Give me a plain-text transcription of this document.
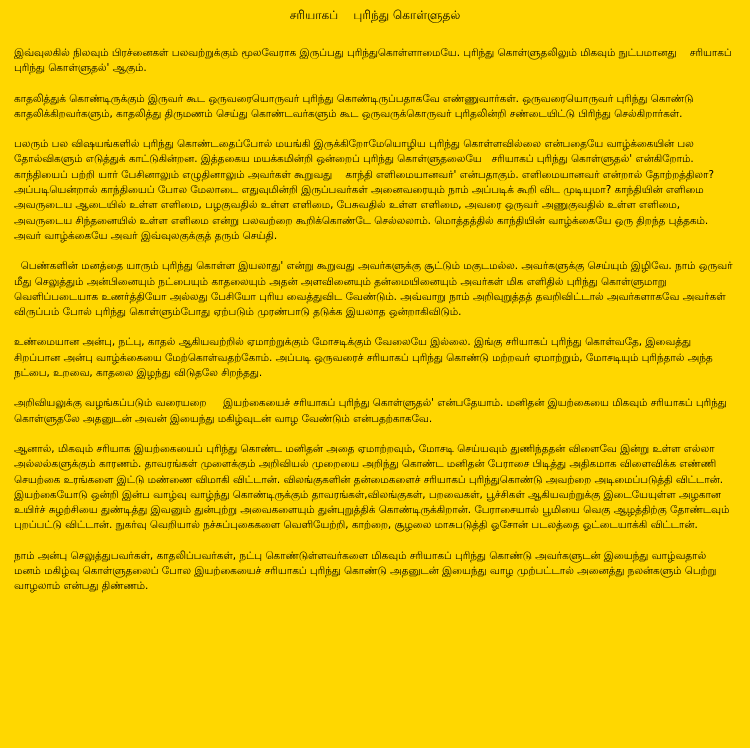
சரியாகப்    புரிந்து கொள்ளுதல்

இவ்வுலகில் நிலவும் பிரச்னைகள் பலவற்றுக்கும் மூலவேராக இருப்பது புரிந்துகொள்ளாமையே. புரிந்து கொள்ளுதலிலும் மிகவும் நுட்பமானது    சரியாகப் புரிந்து கொள்ளுதல்' ஆகும்.

காதலித்துக் கொண்டிருக்கும் இருவர் கூட ஒருவரையொருவர் புரிந்து கொண்டிருப்பதாகவே எண்ணுவார்கள். ஒருவரையொருவர் புரிந்து கொண்டு காதலிக்கிறவர்களும், காதலித்து திருமணம் செய்து கொண்டவர்களும் கூட ஒருவருக்கொருவர் புரிதலின்றி சண்டையிட்டு பிரிந்து செல்கிறார்கள்.

பலரும் பல விஷயங்களில் புரிந்து கொண்டதைப்போல் மயங்கி இருக்கிறோமேயொழிய புரிந்து கொள்ளவில்லை என்பதையே வாழ்க்கையின் பல தோல்விகளும் எடுத்துக் காட்டுகின்றன. இத்தகைய மயக்கமின்றி ஒன்றைப் புரிந்து கொள்ளுதலையே   சரியாகப் புரிந்து கொள்ளுதல்' என்கிறோம். காந்தியைப் பற்றி யார் பேசினாலும் எழுதினாலும் அவர்கள் கூறுவது    காந்தி எளிமையானவர்' என்பதாகும். எளிமையானவர் என்றால் தோற்றத்திலா? அப்படியென்றால் காந்தியைப் போல மேலாடை எதுவுமின்றி இருப்பவர்கள் அனைவரையும் நாம் அப்படிக் கூறி விட முடியுமா? காந்தியின் எளிமை அவருடைய ஆடையில் உள்ள எளிமை, பழகுவதில் உள்ள எளிமை, பேசுவதில் உள்ள எளிமை, அவரை ஒருவர் அணுகுவதில் உள்ள எளிமை, அவருடைய சிந்தனையில் உள்ள எளிமை என்று பலவற்றை கூறிக்கொண்டே செல்லலாம். மொத்தத்தில் காந்தியின் வாழ்க்கையே ஒரு திறந்த புத்தகம். அவர் வாழ்க்கையே அவர் இவ்வுலகுக்குத் தரும் செய்தி.

பெண்களின் மனத்தை யாரும் புரிந்து கொள்ள இயலாது' என்று கூறுவது அவர்களுக்கு சூட்டும் மகுடமல்ல. அவர்களுக்கு செய்யும் இழிவே. நாம் ஒருவர் மீது செலுத்தும் அன்பினையும் நட்பையும் காதலையும் அதன் அளவினையும் தன்மையினையும் அவர்கள் மிக எளிதில் புரிந்து கொள்ளுமாறு வெளிப்படையாக உணர்த்தியோ அல்லது பேசியோ புரிய வைத்துவிட வேண்டும். அவ்வாறு நாம் அறிவுறுத்தத் தவறிவிட்டால் அவர்களாகவே அவர்கள் விருப்பம் போல் புரிந்து கொள்ளும்போது ஏற்படும் முரண்பாடு தடுக்க இயலாத ஒன்றாகிவிடும்.

உண்மையான அன்பு, நட்பு, காதல் ஆகியவற்றில் ஏமாற்றுக்கும் மோசடிக்கும் வேலையே இல்லை. இங்கு சரியாகப் புரிந்து கொள்வதே, இவைத்து சிறப்பான அன்பு வாழ்க்கையை மேற்கொள்வதற்கோம். அப்படி ஒருவரைச் சரியாகப் புரிந்து கொண்டு மற்றவர் ஏமாற்றும், மோசடியும் புரிந்தால் அந்த நட்பை, உறவை, காதலை இழந்து விடுதலே சிறந்தது.

அறிவியலுக்கு வழங்கப்படும் வரையறை     இயற்கையைச் சரியாகப் புரிந்து கொள்ளுதல்' என்பதேயாம். மனிதன் இயற்கையை மிகவும் சரியாகப் புரிந்து கொள்ளுதலே அதனுடன் அவன் இயைந்து மகிழ்வுடன் வாழ வேண்டும் என்பதற்காகவே.

ஆனால், மிகவும் சரியாக இயற்கையைப் புரிந்து கொண்ட மனிதன் அதை ஏமாற்றவும், மோசடி செய்யவும் துணிந்ததன் விளைவே இன்று உள்ள எல்லா அல்லல்களுக்கும் காரணம். தாவரங்கள் முளைக்கும் அறிவியல் முறையை அறிந்து கொண்ட மனிதன் பேராசை பிடித்து அதிகமாக விளைவிக்க எண்ணி செயற்கை உரங்களை இட்டு மண்ணை விமாகி விட்டான். விலங்குகளின் தன்மைகளைச் சரியாகப் புரிந்துகொண்டு அவற்றை அடிமைப்படுத்தி விட்டான். இயற்கையோடு ஒன்றி இன்ப வாழ்வு வாழ்ந்து கொண்டிருக்கும் தாவரங்கள்,விலங்குகள், பறவைகள், பூச்சிகள் ஆகியவற்றுக்கு இடையேயுள்ள அழகான உயிர்ச் சுழற்சியை துண்டித்து இவனும் துன்புற்று அவைகளையும் துன்புறுத்திக் கொண்டிருக்கிறான். பேராசையால் பூமியை வெகு ஆழத்திற்கு தோண்டவும் புறப்பட்டு விட்டான். நுகர்வு வெறியால் நச்சுப்புகைகளை வெளியேற்றி, காற்றை, சூழலை மாசுபடுத்தி ஓசோன் படலத்தை ஓட்டையாக்கி விட்டான்.

நாம் அன்பு செலுத்துபவர்கள், காதலிப்பவர்கள், நட்பு கொண்டுள்ளவர்களை மிகவும் சரியாகப் புரிந்து கொண்டு அவர்களுடன் இயைந்து வாழ்வதால் மனம் மகிழ்வு கொள்ளுதலைப் போல இயற்கையைச் சரியாகப் புரிந்து கொண்டு அதனுடன் இயைந்து வாழ முற்பட்டால் அனைத்து நலன்களும் பெற்று வாழலாம் என்பது திண்ணம்.
